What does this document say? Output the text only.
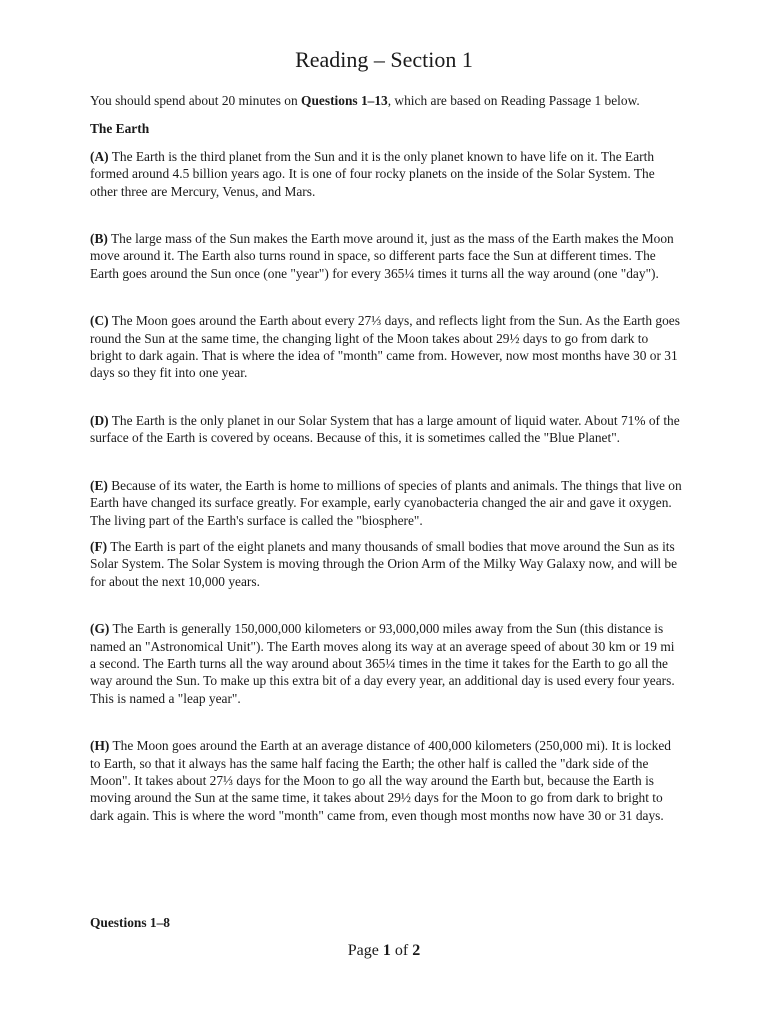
Reading – Section 1

You should spend about 20 minutes on Questions 1–13, which are based on Reading Passage 1 below.

The Earth

(A) The Earth is the third planet from the Sun and it is the only planet known to have life on it. The Earth formed around 4.5 billion years ago. It is one of four rocky planets on the inside of the Solar System. The other three are Mercury, Venus, and Mars.

(B) The large mass of the Sun makes the Earth move around it, just as the mass of the Earth makes the Moon move around it. The Earth also turns round in space, so different parts face the Sun at different times. The Earth goes around the Sun once (one "year") for every 365¼ times it turns all the way around (one "day").

(C) The Moon goes around the Earth about every 27⅓ days, and reflects light from the Sun. As the Earth goes round the Sun at the same time, the changing light of the Moon takes about 29½ days to go from dark to bright to dark again. That is where the idea of "month" came from. However, now most months have 30 or 31 days so they fit into one year.

(D) The Earth is the only planet in our Solar System that has a large amount of liquid water. About 71% of the surface of the Earth is covered by oceans. Because of this, it is sometimes called the "Blue Planet".

(E) Because of its water, the Earth is home to millions of species of plants and animals. The things that live on Earth have changed its surface greatly. For example, early cyanobacteria changed the air and gave it oxygen. The living part of the Earth's surface is called the "biosphere".

(F) The Earth is part of the eight planets and many thousands of small bodies that move around the Sun as its Solar System. The Solar System is moving through the Orion Arm of the Milky Way Galaxy now, and will be for about the next 10,000 years.

(G) The Earth is generally 150,000,000 kilometers or 93,000,000 miles away from the Sun (this distance is named an "Astronomical Unit"). The Earth moves along its way at an average speed of about 30 km or 19 mi a second. The Earth turns all the way around about 365¼ times in the time it takes for the Earth to go all the way around the Sun. To make up this extra bit of a day every year, an additional day is used every four years. This is named a "leap year".

(H) The Moon goes around the Earth at an average distance of 400,000 kilometers (250,000 mi). It is locked to Earth, so that it always has the same half facing the Earth; the other half is called the "dark side of the Moon". It takes about 27⅓ days for the Moon to go all the way around the Earth but, because the Earth is moving around the Sun at the same time, it takes about 29½ days for the Moon to go from dark to bright to dark again. This is where the word "month" came from, even though most months now have 30 or 31 days.

Questions 1–8

Page 1 of 2
